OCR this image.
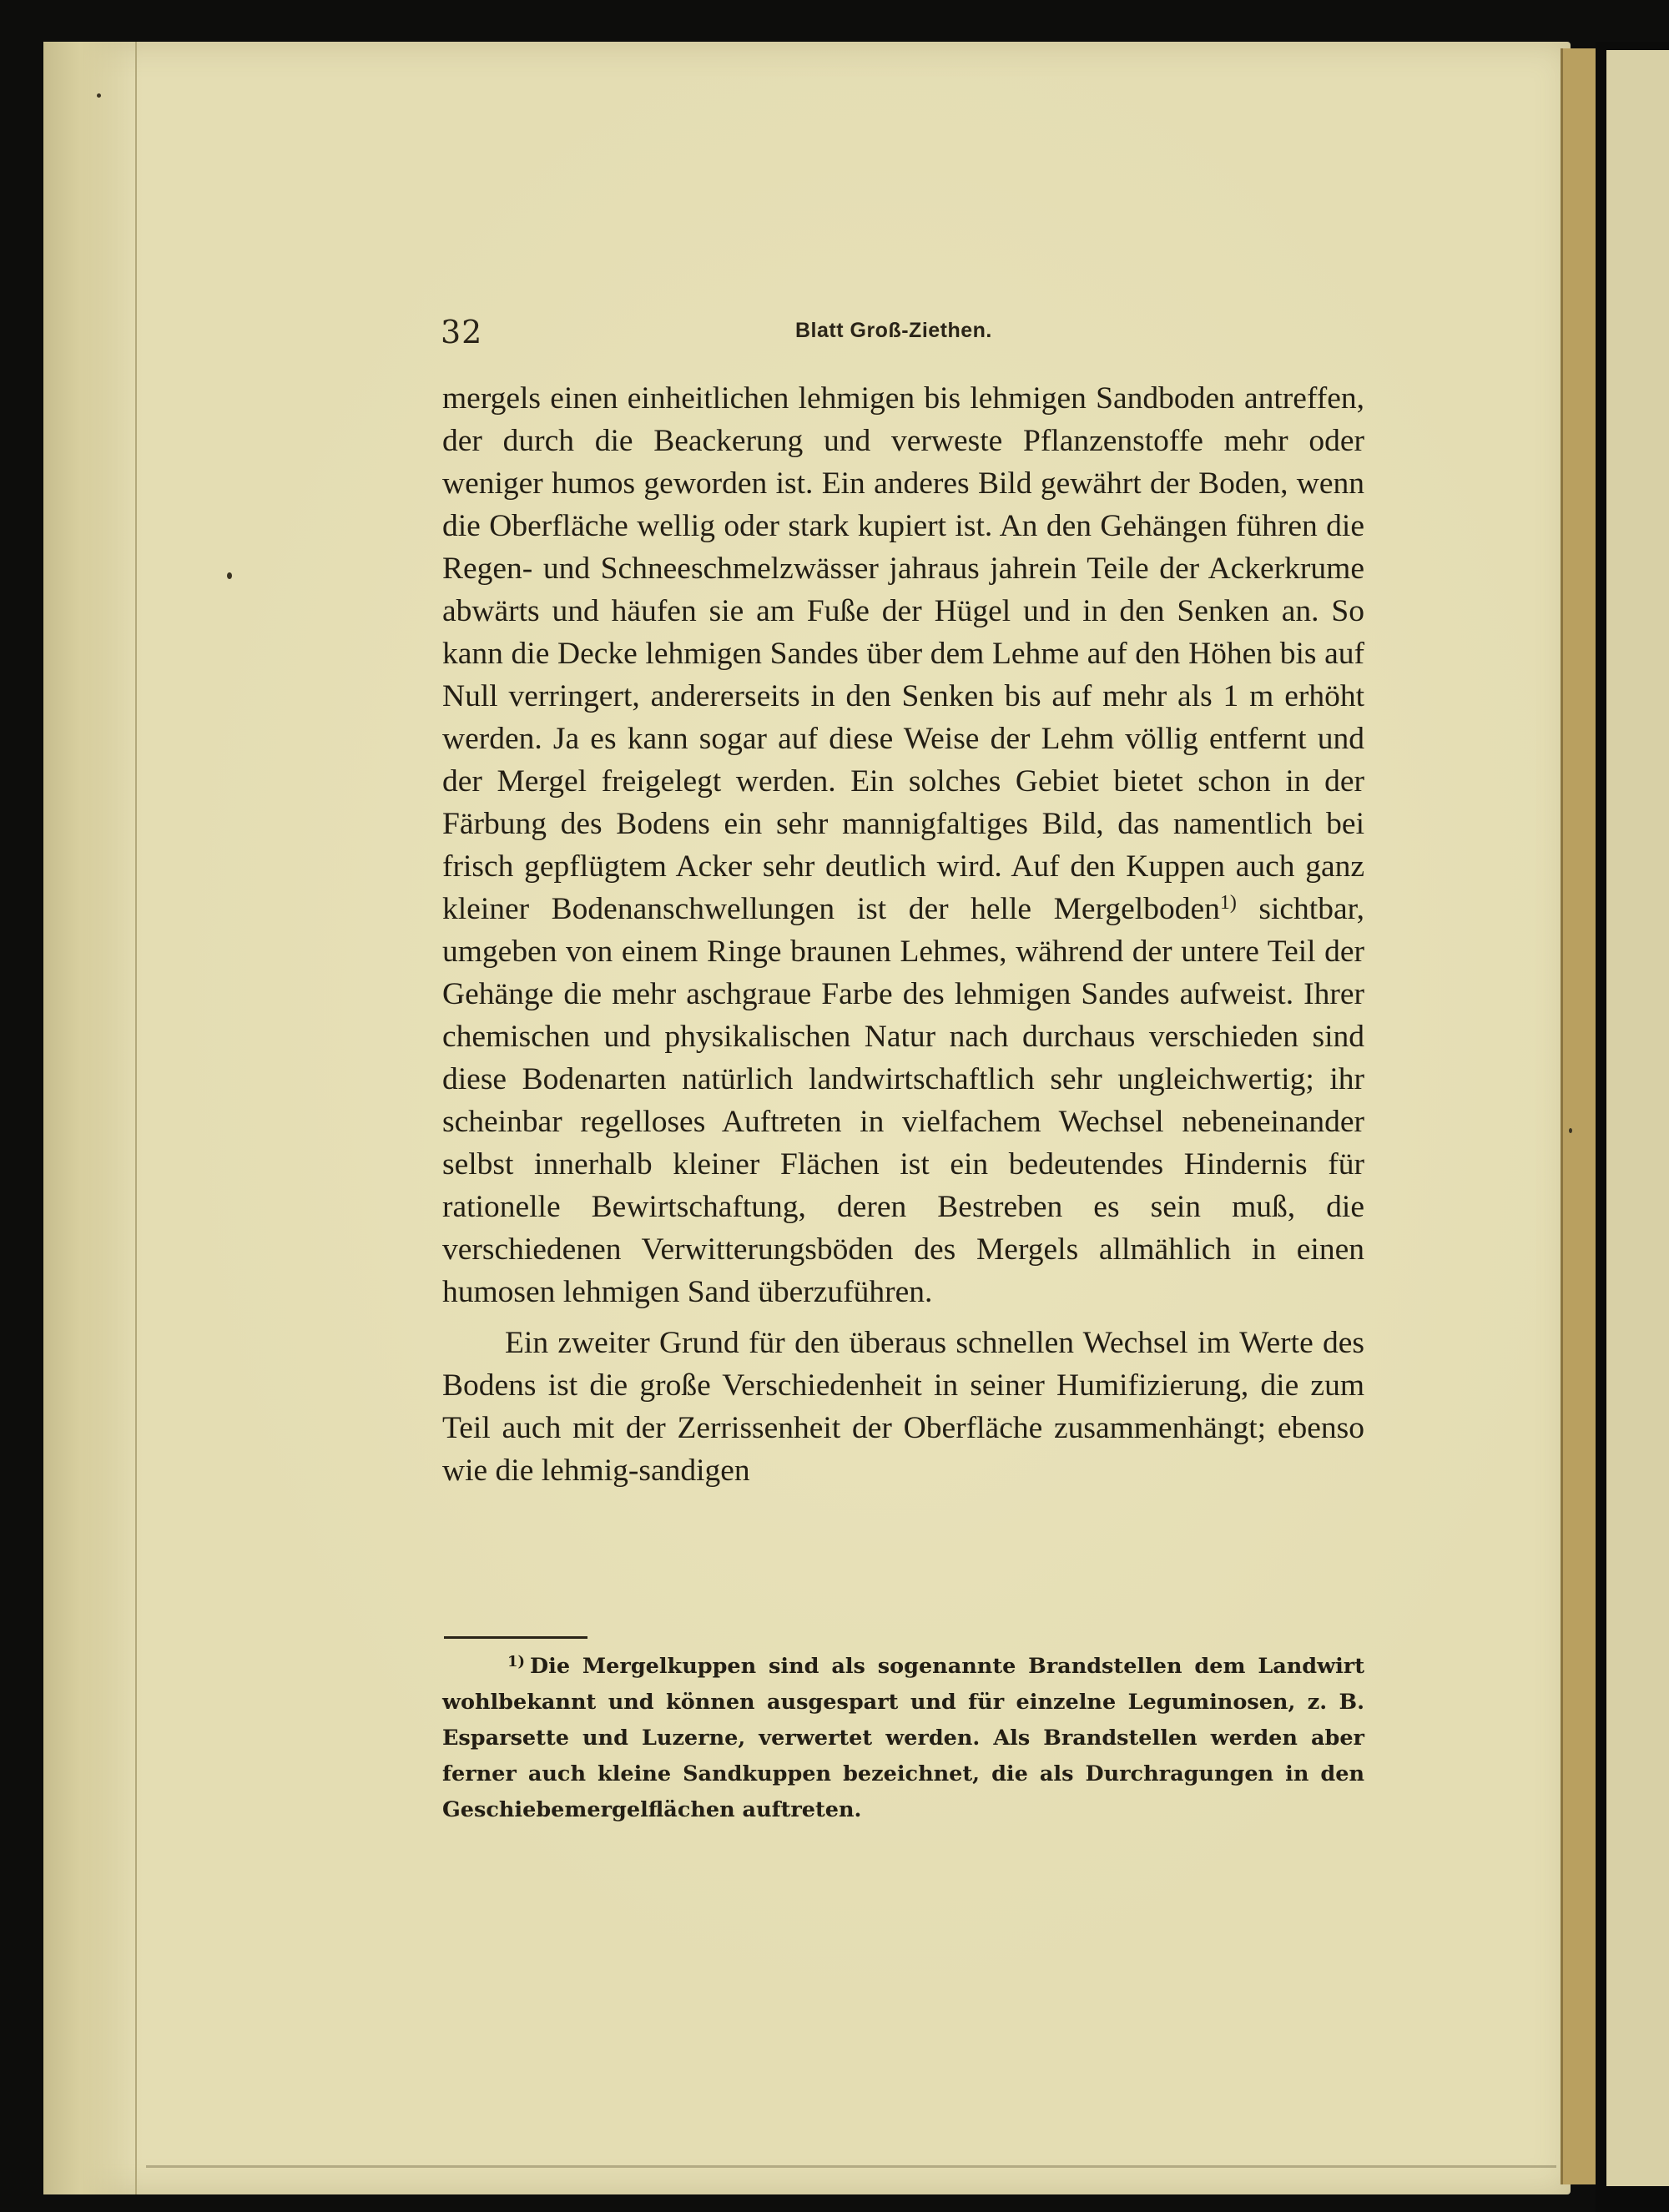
32	Blatt Groß-Ziethen.

mergels einen einheitlichen lehmigen bis lehmigen Sandboden antreffen, der durch die Beackerung und verweste Pflanzenstoffe mehr oder weniger humos geworden ist. Ein anderes Bild gewährt der Boden, wenn die Oberfläche wellig oder stark kupiert ist. An den Gehängen führen die Regen- und Schneeschmelzwässer jahraus jahrein Teile der Ackerkrume abwärts und häufen sie am Fuße der Hügel und in den Senken an. So kann die Decke lehmigen Sandes über dem Lehme auf den Höhen bis auf Null verringert, andererseits in den Senken bis auf mehr als 1 m erhöht werden. Ja es kann sogar auf diese Weise der Lehm völlig entfernt und der Mergel freigelegt werden. Ein solches Gebiet bietet schon in der Färbung des Bodens ein sehr mannigfaltiges Bild, das namentlich bei frisch gepflügtem Acker sehr deutlich wird. Auf den Kuppen auch ganz kleiner Bodenanschwellungen ist der helle Mergelboden$^{1)}$ sichtbar, umgeben von einem Ringe braunen Lehmes, während der untere Teil der Gehänge die mehr aschgraue Farbe des lehmigen Sandes aufweist. Ihrer chemischen und physikalischen Natur nach durchaus verschieden sind diese Bodenarten natürlich landwirtschaftlich sehr ungleichwertig; ihr scheinbar regelloses Auftreten in vielfachem Wechsel nebeneinander selbst innerhalb kleiner Flächen ist ein bedeutendes Hindernis für rationelle Bewirtschaftung, deren Bestreben es sein muß, die verschiedenen Verwitterungsböden des Mergels allmählich in einen humosen lehmigen Sand überzuführen.

Ein zweiter Grund für den überaus schnellen Wechsel im Werte des Bodens ist die große Verschiedenheit in seiner Humifizierung, die zum Teil auch mit der Zerrissenheit der Oberfläche zusammenhängt; ebenso wie die lehmig-sandigen

$^{1)}$ Die Mergelkuppen sind als sogenannte Brandstellen dem Landwirt wohlbekannt und können ausgespart und für einzelne Leguminosen, z. B. Esparsette und Luzerne, verwertet werden. Als Brandstellen werden aber ferner auch kleine Sandkuppen bezeichnet, die als Durchragungen in den Geschiebemergelflächen auftreten.
